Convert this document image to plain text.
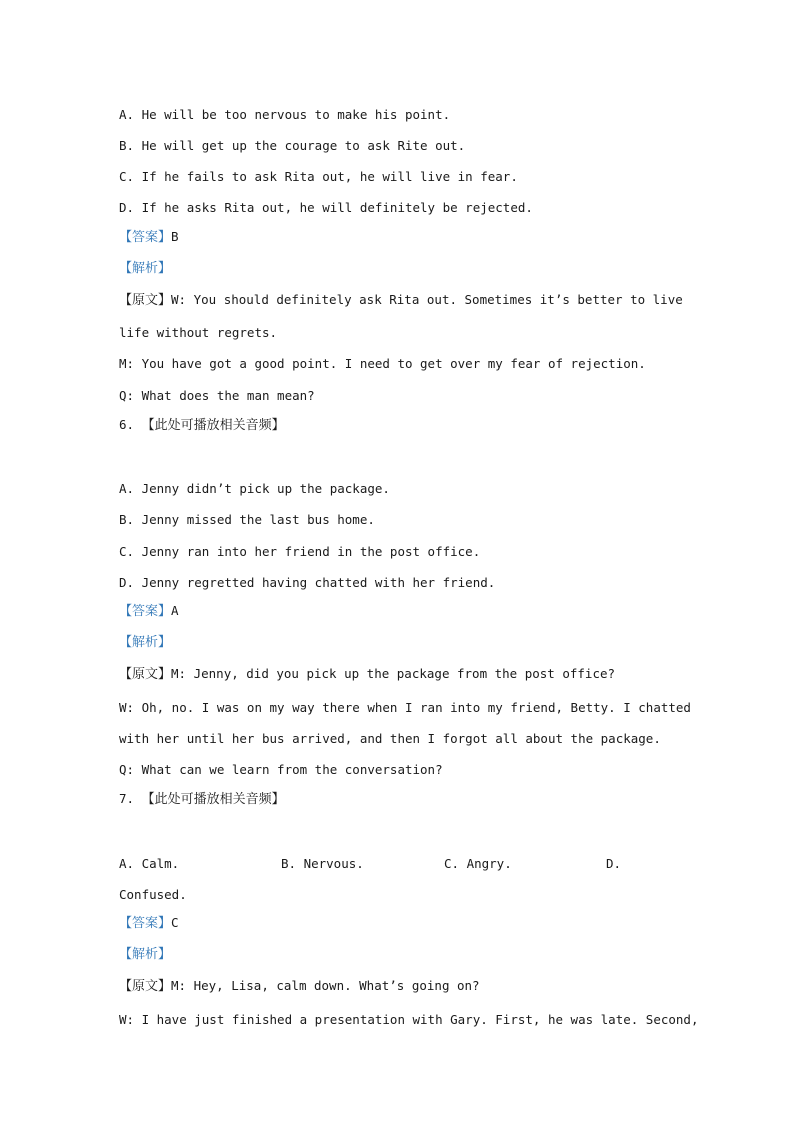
A. He will be too nervous to make his point.
B. He will get up the courage to ask Rite out.
C. If he fails to ask Rita out, he will live in fear.
D. If he asks Rita out, he will definitely be rejected.
【答案】B
【解析】
【原文】W: You should definitely ask Rita out. Sometimes it’s better to live
life without regrets.
M: You have got a good point. I need to get over my fear of rejection.
Q: What does the man mean?
6. 【此处可播放相关音频】
A. Jenny didn’t pick up the package.
B. Jenny missed the last bus home.
C. Jenny ran into her friend in the post office.
D. Jenny regretted having chatted with her friend.
【答案】A
【解析】
【原文】M: Jenny, did you pick up the package from the post office?
W: Oh, no. I was on my way there when I ran into my friend, Betty. I chatted
with her until her bus arrived, and then I forgot all about the package.
Q: What can we learn from the conversation?
7. 【此处可播放相关音频】
A. Calm.	B. Nervous.	C. Angry.	D.
Confused.
【答案】C
【解析】
【原文】M: Hey, Lisa, calm down. What’s going on?
W: I have just finished a presentation with Gary. First, he was late. Second,
